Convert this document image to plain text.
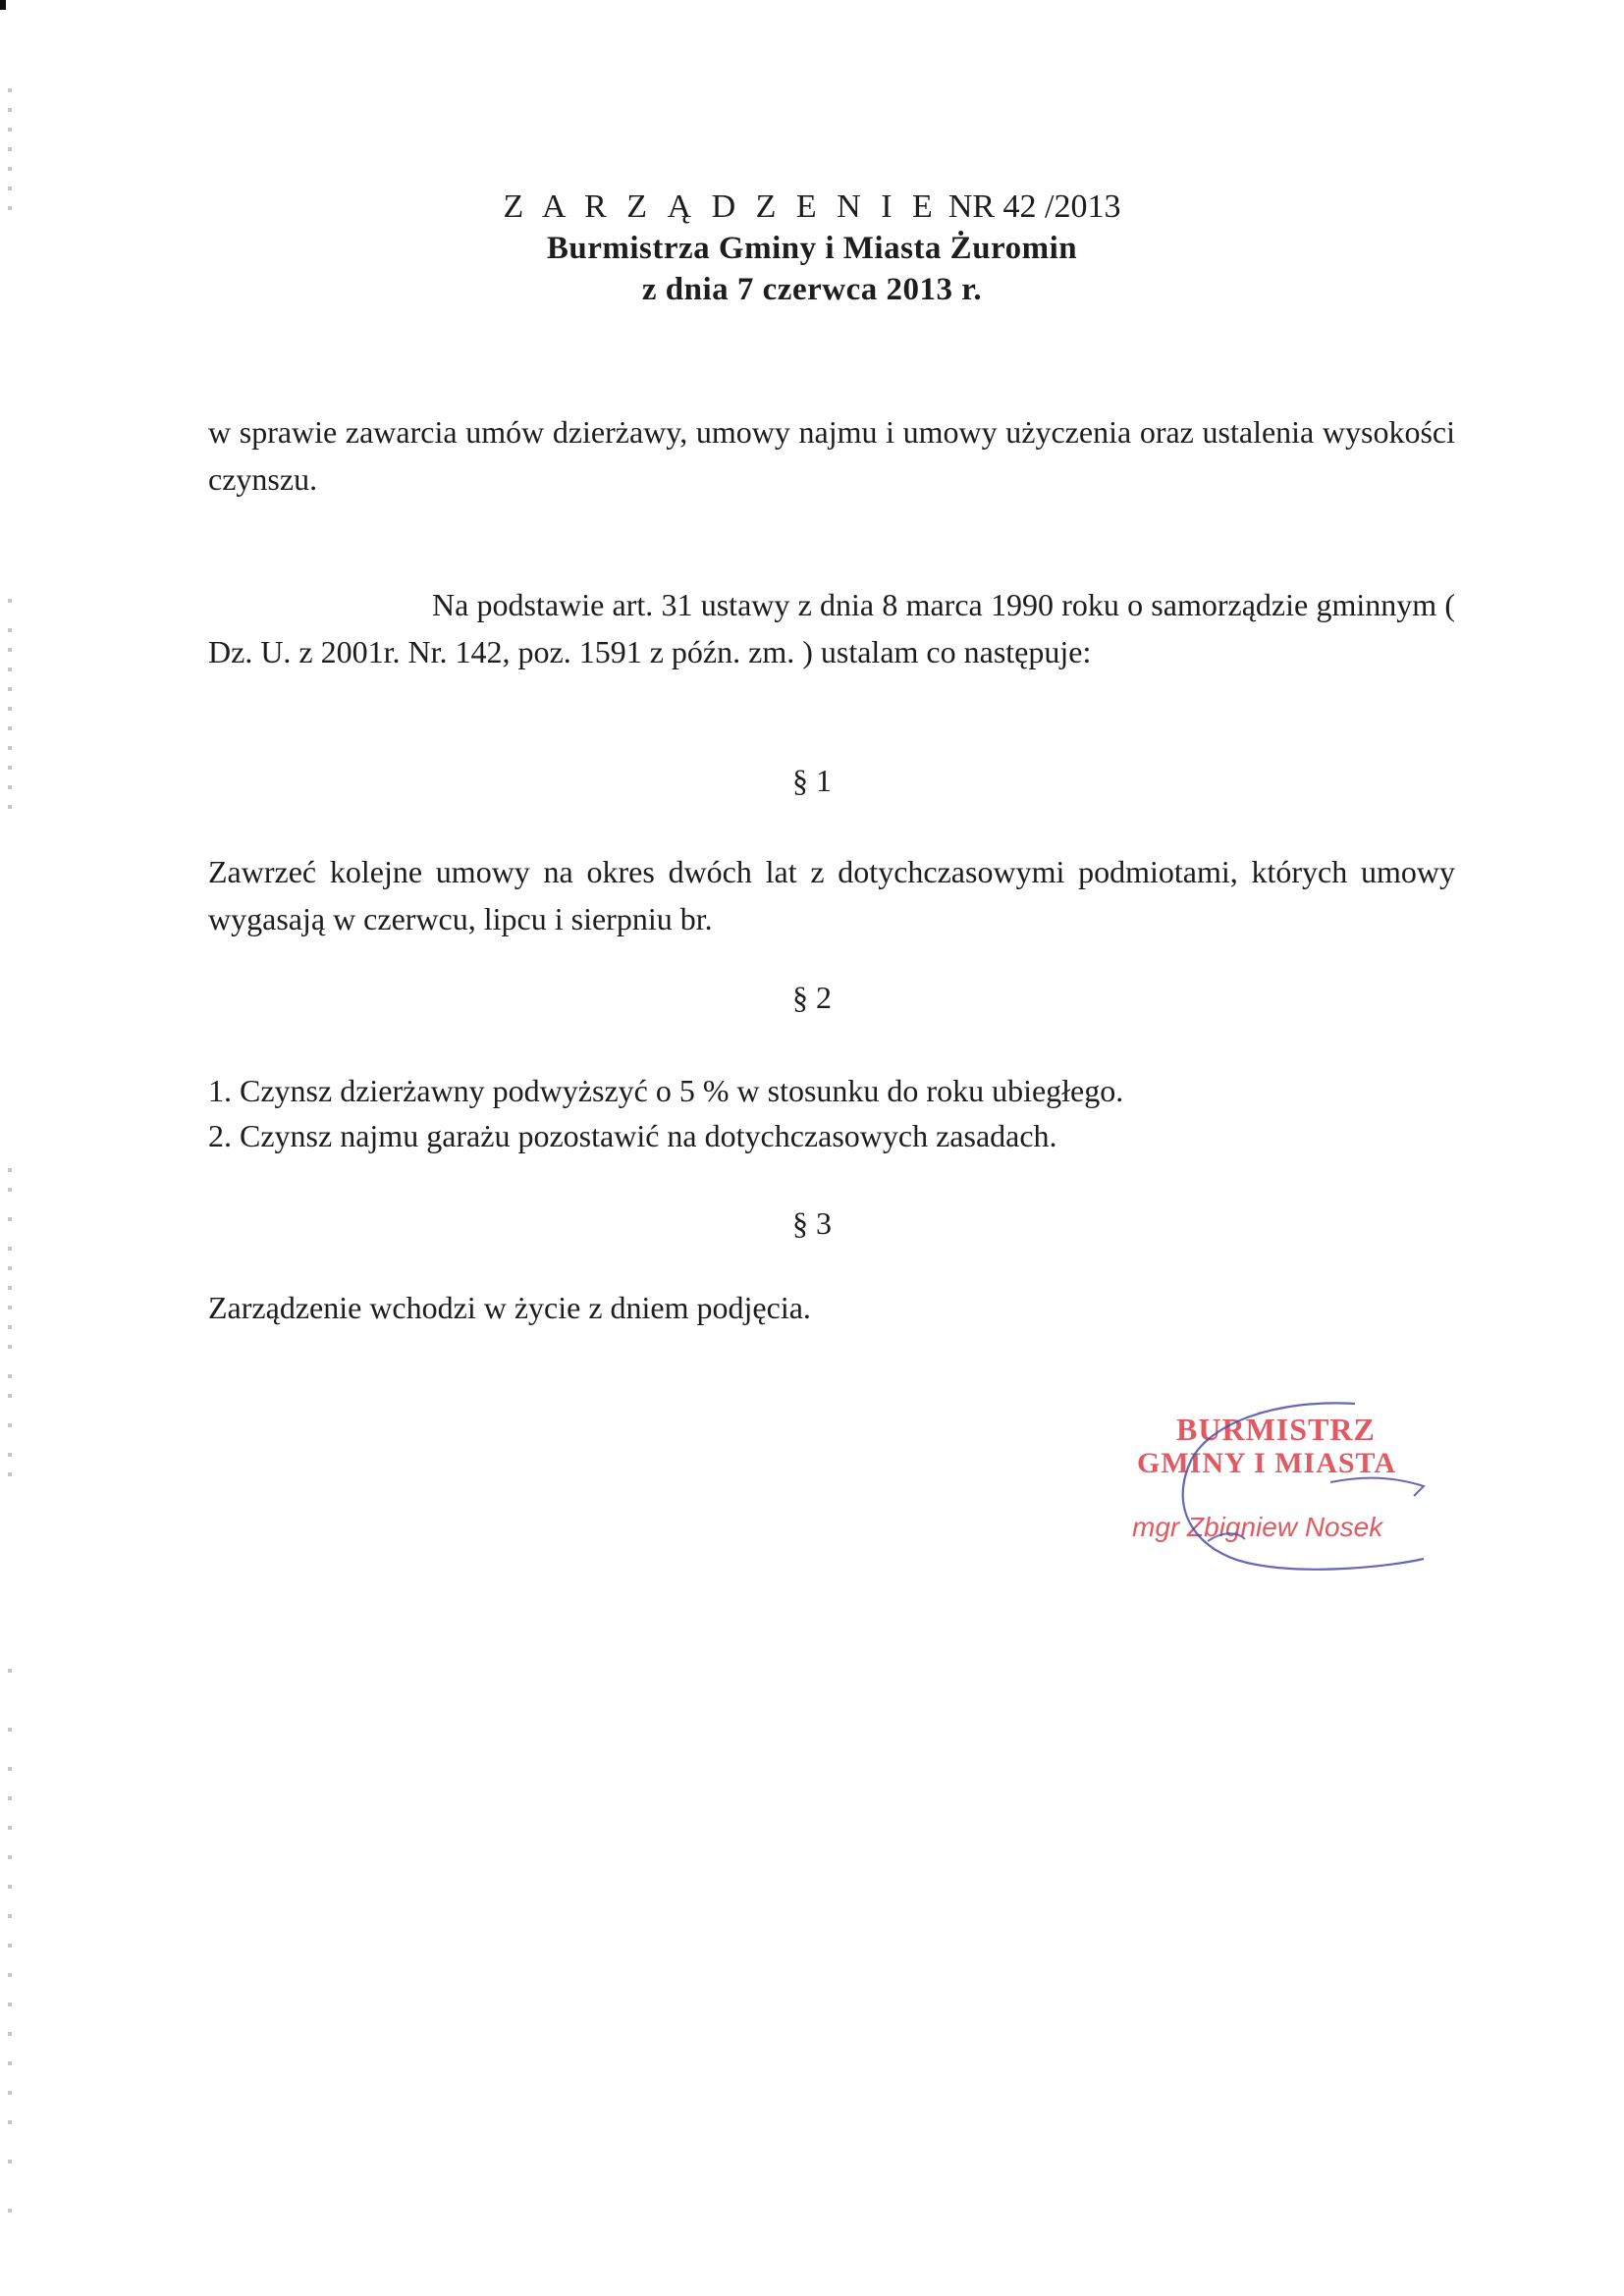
Z A R Z Ą D Z E N I E NR 42 /2013
Burmistrza Gminy i Miasta Żuromin
z dnia 7 czerwca 2013 r.
w sprawie zawarcia umów dzierżawy, umowy najmu i umowy użyczenia oraz ustalenia wysokości czynszu.
Na podstawie art. 31 ustawy z dnia 8 marca 1990 roku o samorządzie gminnym ( Dz. U. z 2001r. Nr. 142, poz. 1591 z późn. zm. ) ustalam co następuje:
§ 1
Zawrzeć kolejne umowy na okres dwóch lat z dotychczasowymi podmiotami, których umowy wygasają w czerwcu, lipcu i sierpniu br.
§ 2
1. Czynsz dzierżawny podwyższyć o 5 % w stosunku do roku ubiegłego.
2. Czynsz najmu garażu pozostawić na dotychczasowych zasadach.
§ 3
Zarządzenie wchodzi w życie z dniem podjęcia.
BURMISTRZ
GMINY I MIASTA
mgr Zbigniew Nosek
